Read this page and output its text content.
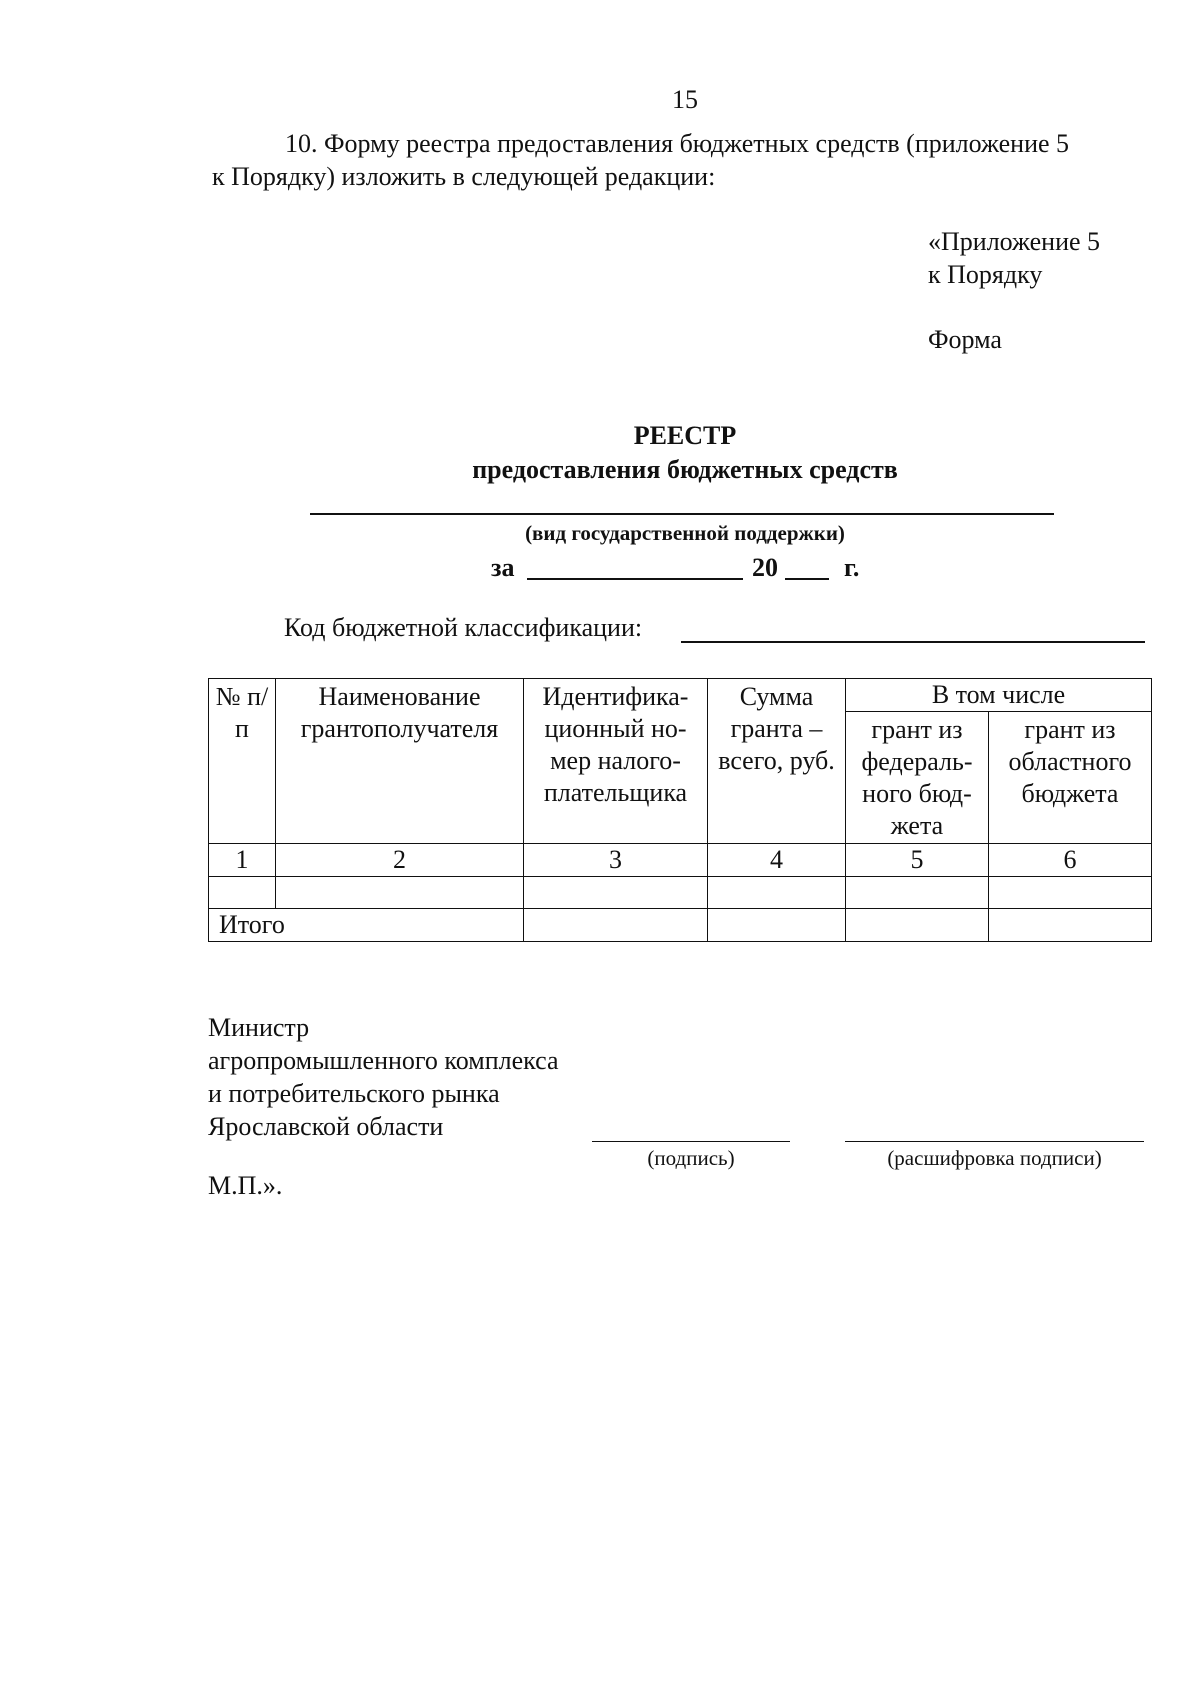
15
10. Форму реестра предоставления бюджетных средств (приложение 5
к Порядку) изложить в следующей редакции:
«Приложение 5
к Порядку
Форма
РЕЕСТР
предоставления бюджетных средств
(вид государственной поддержки)
за	20	г.
Код бюджетной классификации:
№ п/п	Наименование грантополучателя	Идентифика-ционный но-мер налого-плательщика	Сумма гранта – всего, руб.	В том числе	
				грант из федераль-ного бюд-жета	грант из областного бюджета
1	2	3	4	5	6

Итого					
Министр
агропромышленного комплекса
и потребительского рынка
Ярославской области
(подпись)	(расшифровка подписи)
М.П.».
